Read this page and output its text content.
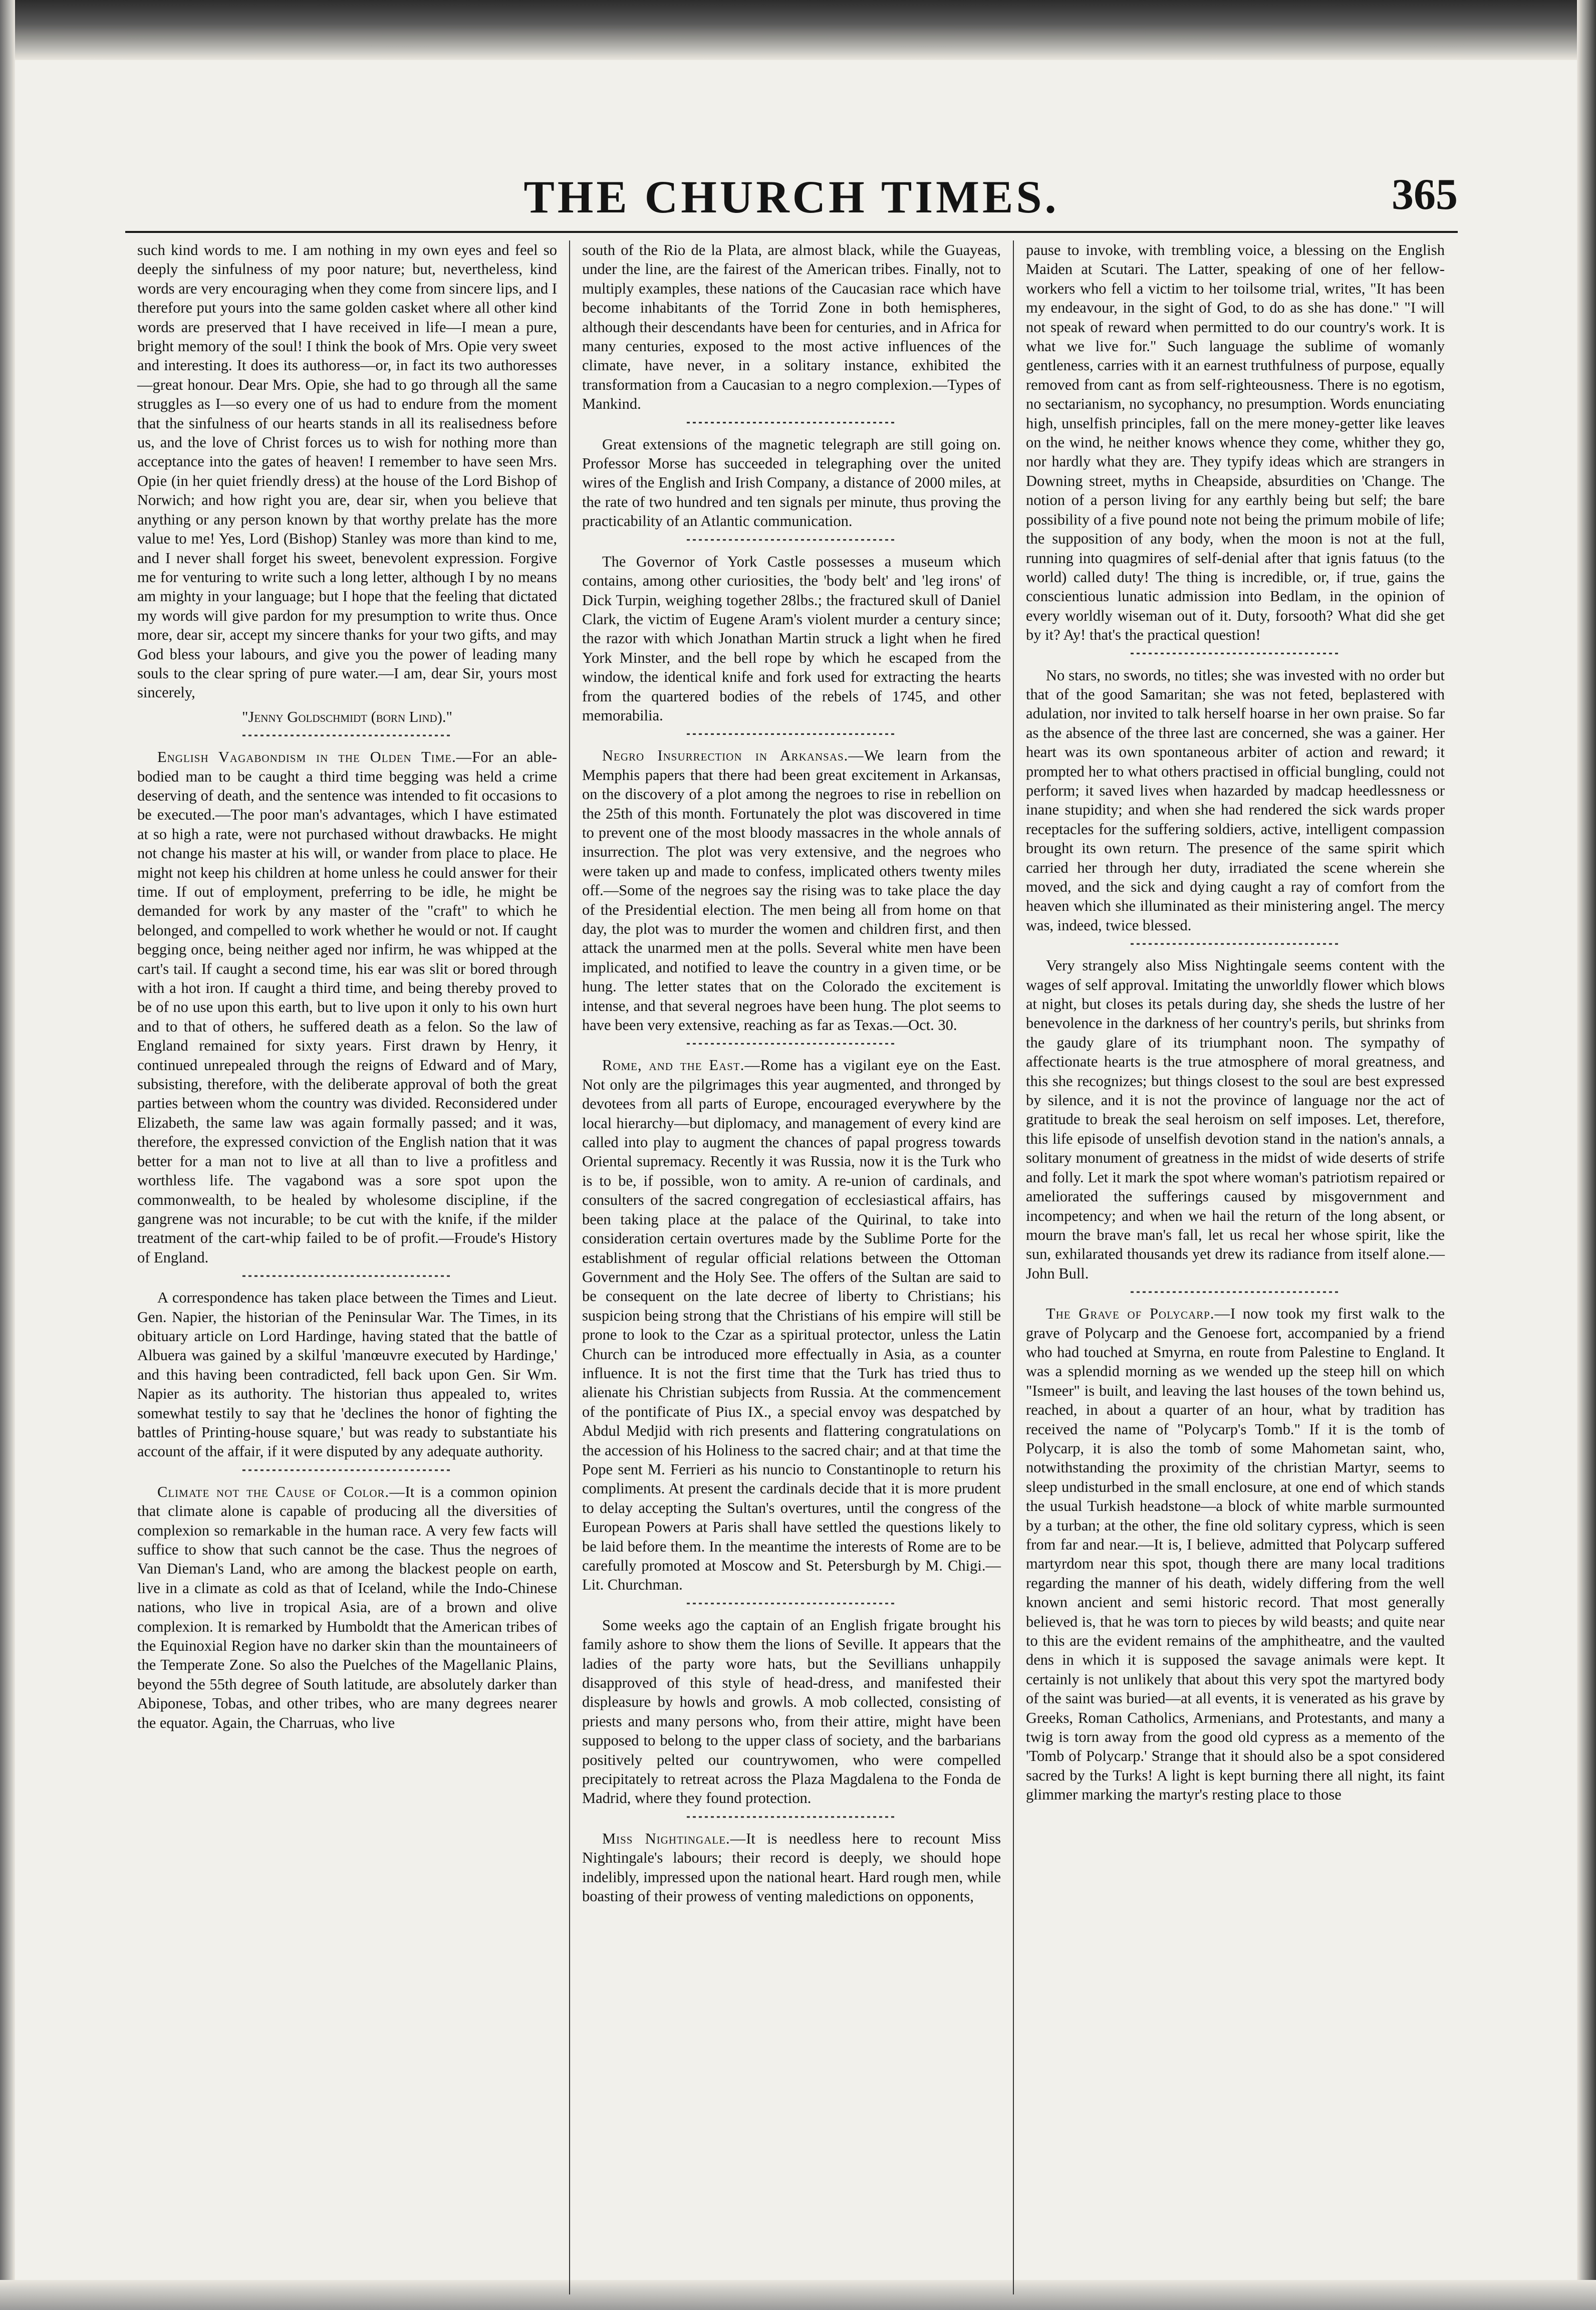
THE CHURCH TIMES.	365

such kind words to me. I am nothing in my own eyes and feel so deeply the sinfulness of my poor nature; but, nevertheless, kind words are very encouraging when they come from sincere lips, and I therefore put yours into the same golden casket where all other kind words are preserved that I have received in life—I mean a pure, bright memory of the soul! I think the book of Mrs. Opie very sweet and interesting. It does its authoress—or, in fact its two authoresses—great honour. Dear Mrs. Opie, she had to go through all the same struggles as I—so every one of us had to endure from the moment that the sinfulness of our hearts stands in all its realisedness before us, and the love of Christ forces us to wish for nothing more than acceptance into the gates of heaven! I remember to have seen Mrs. Opie (in her quiet friendly dress) at the house of the Lord Bishop of Norwich; and how right you are, dear sir, when you believe that anything or any person known by that worthy prelate has the more value to me! Yes, Lord (Bishop) Stanley was more than kind to me, and I never shall forget his sweet, benevolent expression. Forgive me for venturing to write such a long letter, although I by no means am mighty in your language; but I hope that the feeling that dictated my words will give pardon for my presumption to write thus. Once more, dear sir, accept my sincere thanks for your two gifts, and may God bless your labours, and give you the power of leading many souls to the clear spring of pure water.—I am, dear Sir, yours most sincerely,

"Jenny Goldschmidt (born Lind)."

English Vagabondism in the Olden Time.—For an able-bodied man to be caught a third time begging was held a crime deserving of death, and the sentence was intended to fit occasions to be executed.—The poor man's advantages, which I have estimated at so high a rate, were not purchased without drawbacks. He might not change his master at his will, or wander from place to place. He might not keep his children at home unless he could answer for their time. If out of employment, preferring to be idle, he might be demanded for work by any master of the "craft" to which he belonged, and compelled to work whether he would or not. If caught begging once, being neither aged nor infirm, he was whipped at the cart's tail. If caught a second time, his ear was slit or bored through with a hot iron. If caught a third time, and being thereby proved to be of no use upon this earth, but to live upon it only to his own hurt and to that of others, he suffered death as a felon. So the law of England remained for sixty years. First drawn by Henry, it continued unrepealed through the reigns of Edward and of Mary, subsisting, therefore, with the deliberate approval of both the great parties between whom the country was divided. Reconsidered under Elizabeth, the same law was again formally passed; and it was, therefore, the expressed conviction of the English nation that it was better for a man not to live at all than to live a profitless and worthless life. The vagabond was a sore spot upon the commonwealth, to be healed by wholesome discipline, if the gangrene was not incurable; to be cut with the knife, if the milder treatment of the cart-whip failed to be of profit.—Froude's History of England.

A correspondence has taken place between the Times and Lieut. Gen. Napier, the historian of the Peninsular War. The Times, in its obituary article on Lord Hardinge, having stated that the battle of Albuera was gained by a skilful 'manœuvre executed by Hardinge,' and this having been contradicted, fell back upon Gen. Sir Wm. Napier as its authority. The historian thus appealed to, writes somewhat testily to say that he 'declines the honor of fighting the battles of Printing-house square,' but was ready to substantiate his account of the affair, if it were disputed by any adequate authority.

Climate not the Cause of Color.—It is a common opinion that climate alone is capable of producing all the diversities of complexion so remarkable in the human race. A very few facts will suffice to show that such cannot be the case. Thus the negroes of Van Dieman's Land, who are among the blackest people on earth, live in a climate as cold as that of Iceland, while the Indo-Chinese nations, who live in tropical Asia, are of a brown and olive complexion. It is remarked by Humboldt that the American tribes of the Equinoxial Region have no darker skin than the mountaineers of the Temperate Zone. So also the Puelches of the Magellanic Plains, beyond the 55th degree of South latitude, are absolutely darker than Abiponese, Tobas, and other tribes, who are many degrees nearer the equator. Again, the Charruas, who live

south of the Rio de la Plata, are almost black, while the Guayeas, under the line, are the fairest of the American tribes. Finally, not to multiply examples, these nations of the Caucasian race which have become inhabitants of the Torrid Zone in both hemispheres, although their descendants have been for centuries, and in Africa for many centuries, exposed to the most active influences of the climate, have never, in a solitary instance, exhibited the transformation from a Caucasian to a negro complexion.—Types of Mankind.

Great extensions of the magnetic telegraph are still going on. Professor Morse has succeeded in telegraphing over the united wires of the English and Irish Company, a distance of 2000 miles, at the rate of two hundred and ten signals per minute, thus proving the practicability of an Atlantic communication.

The Governor of York Castle possesses a museum which contains, among other curiosities, the 'body belt' and 'leg irons' of Dick Turpin, weighing together 28lbs.; the fractured skull of Daniel Clark, the victim of Eugene Aram's violent murder a century since; the razor with which Jonathan Martin struck a light when he fired York Minster, and the bell rope by which he escaped from the window, the identical knife and fork used for extracting the hearts from the quartered bodies of the rebels of 1745, and other memorabilia.

Negro Insurrection in Arkansas.—We learn from the Memphis papers that there had been great excitement in Arkansas, on the discovery of a plot among the negroes to rise in rebellion on the 25th of this month. Fortunately the plot was discovered in time to prevent one of the most bloody massacres in the whole annals of insurrection. The plot was very extensive, and the negroes who were taken up and made to confess, implicated others twenty miles off.—Some of the negroes say the rising was to take place the day of the Presidential election. The men being all from home on that day, the plot was to murder the women and children first, and then attack the unarmed men at the polls. Several white men have been implicated, and notified to leave the country in a given time, or be hung. The letter states that on the Colorado the excitement is intense, and that several negroes have been hung. The plot seems to have been very extensive, reaching as far as Texas.—Oct. 30.

Rome, and the East.—Rome has a vigilant eye on the East. Not only are the pilgrimages this year augmented, and thronged by devotees from all parts of Europe, encouraged everywhere by the local hierarchy—but diplomacy, and management of every kind are called into play to augment the chances of papal progress towards Oriental supremacy. Recently it was Russia, now it is the Turk who is to be, if possible, won to amity. A re-union of cardinals, and consulters of the sacred congregation of ecclesiastical affairs, has been taking place at the palace of the Quirinal, to take into consideration certain overtures made by the Sublime Porte for the establishment of regular official relations between the Ottoman Government and the Holy See. The offers of the Sultan are said to be consequent on the late decree of liberty to Christians; his suspicion being strong that the Christians of his empire will still be prone to look to the Czar as a spiritual protector, unless the Latin Church can be introduced more effectually in Asia, as a counter influence. It is not the first time that the Turk has tried thus to alienate his Christian subjects from Russia. At the commencement of the pontificate of Pius IX., a special envoy was despatched by Abdul Medjid with rich presents and flattering congratulations on the accession of his Holiness to the sacred chair; and at that time the Pope sent M. Ferrieri as his nuncio to Constantinople to return his compliments. At present the cardinals decide that it is more prudent to delay accepting the Sultan's overtures, until the congress of the European Powers at Paris shall have settled the questions likely to be laid before them. In the meantime the interests of Rome are to be carefully promoted at Moscow and St. Petersburgh by M. Chigi.—Lit. Churchman.

Some weeks ago the captain of an English frigate brought his family ashore to show them the lions of Seville. It appears that the ladies of the party wore hats, but the Sevillians unhappily disapproved of this style of head-dress, and manifested their displeasure by howls and growls. A mob collected, consisting of priests and many persons who, from their attire, might have been supposed to belong to the upper class of society, and the barbarians positively pelted our countrywomen, who were compelled precipitately to retreat across the Plaza Magdalena to the Fonda de Madrid, where they found protection.

Miss Nightingale.—It is needless here to recount Miss Nightingale's labours; their record is deeply, we should hope indelibly, impressed upon the national heart. Hard rough men, while boasting of their prowess of venting maledictions on opponents,

pause to invoke, with trembling voice, a blessing on the English Maiden at Scutari. The Latter, speaking of one of her fellow-workers who fell a victim to her toilsome trial, writes, "It has been my endeavour, in the sight of God, to do as she has done." "I will not speak of reward when permitted to do our country's work. It is what we live for." Such language the sublime of womanly gentleness, carries with it an earnest truthfulness of purpose, equally removed from cant as from self-righteousness. There is no egotism, no sectarianism, no sycophancy, no presumption. Words enunciating high, unselfish principles, fall on the mere money-getter like leaves on the wind, he neither knows whence they come, whither they go, nor hardly what they are. They typify ideas which are strangers in Downing street, myths in Cheapside, absurdities on 'Change. The notion of a person living for any earthly being but self; the bare possibility of a five pound note not being the primum mobile of life; the supposition of any body, when the moon is not at the full, running into quagmires of self-denial after that ignis fatuus (to the world) called duty! The thing is incredible, or, if true, gains the conscientious lunatic admission into Bedlam, in the opinion of every worldly wiseman out of it. Duty, forsooth? What did she get by it? Ay! that's the practical question!

No stars, no swords, no titles; she was invested with no order but that of the good Samaritan; she was not feted, beplastered with adulation, nor invited to talk herself hoarse in her own praise. So far as the absence of the three last are concerned, she was a gainer. Her heart was its own spontaneous arbiter of action and reward; it prompted her to what others practised in official bungling, could not perform; it saved lives when hazarded by madcap heedlessness or inane stupidity; and when she had rendered the sick wards proper receptacles for the suffering soldiers, active, intelligent compassion brought its own return. The presence of the same spirit which carried her through her duty, irradiated the scene wherein she moved, and the sick and dying caught a ray of comfort from the heaven which she illuminated as their ministering angel. The mercy was, indeed, twice blessed.

Very strangely also Miss Nightingale seems content with the wages of self approval. Imitating the unworldly flower which blows at night, but closes its petals during day, she sheds the lustre of her benevolence in the darkness of her country's perils, but shrinks from the gaudy glare of its triumphant noon. The sympathy of affectionate hearts is the true atmosphere of moral greatness, and this she recognizes; but things closest to the soul are best expressed by silence, and it is not the province of language nor the act of gratitude to break the seal heroism on self imposes. Let, therefore, this life episode of unselfish devotion stand in the nation's annals, a solitary monument of greatness in the midst of wide deserts of strife and folly. Let it mark the spot where woman's patriotism repaired or ameliorated the sufferings caused by misgovernment and incompetency; and when we hail the return of the long absent, or mourn the brave man's fall, let us recal her whose spirit, like the sun, exhilarated thousands yet drew its radiance from itself alone.—John Bull.

The Grave of Polycarp.—I now took my first walk to the grave of Polycarp and the Genoese fort, accompanied by a friend who had touched at Smyrna, en route from Palestine to England. It was a splendid morning as we wended up the steep hill on which "Ismeer" is built, and leaving the last houses of the town behind us, reached, in about a quarter of an hour, what by tradition has received the name of "Polycarp's Tomb." If it is the tomb of Polycarp, it is also the tomb of some Mahometan saint, who, notwithstanding the proximity of the christian Martyr, seems to sleep undisturbed in the small enclosure, at one end of which stands the usual Turkish headstone—a block of white marble surmounted by a turban; at the other, the fine old solitary cypress, which is seen from far and near.—It is, I believe, admitted that Polycarp suffered martyrdom near this spot, though there are many local traditions regarding the manner of his death, widely differing from the well known ancient and semi historic record. That most generally believed is, that he was torn to pieces by wild beasts; and quite near to this are the evident remains of the amphitheatre, and the vaulted dens in which it is supposed the savage animals were kept. It certainly is not unlikely that about this very spot the martyred body of the saint was buried—at all events, it is venerated as his grave by Greeks, Roman Catholics, Armenians, and Protestants, and many a twig is torn away from the good old cypress as a memento of the 'Tomb of Polycarp.' Strange that it should also be a spot considered sacred by the Turks! A light is kept burning there all night, its faint glimmer marking the martyr's resting place to those
